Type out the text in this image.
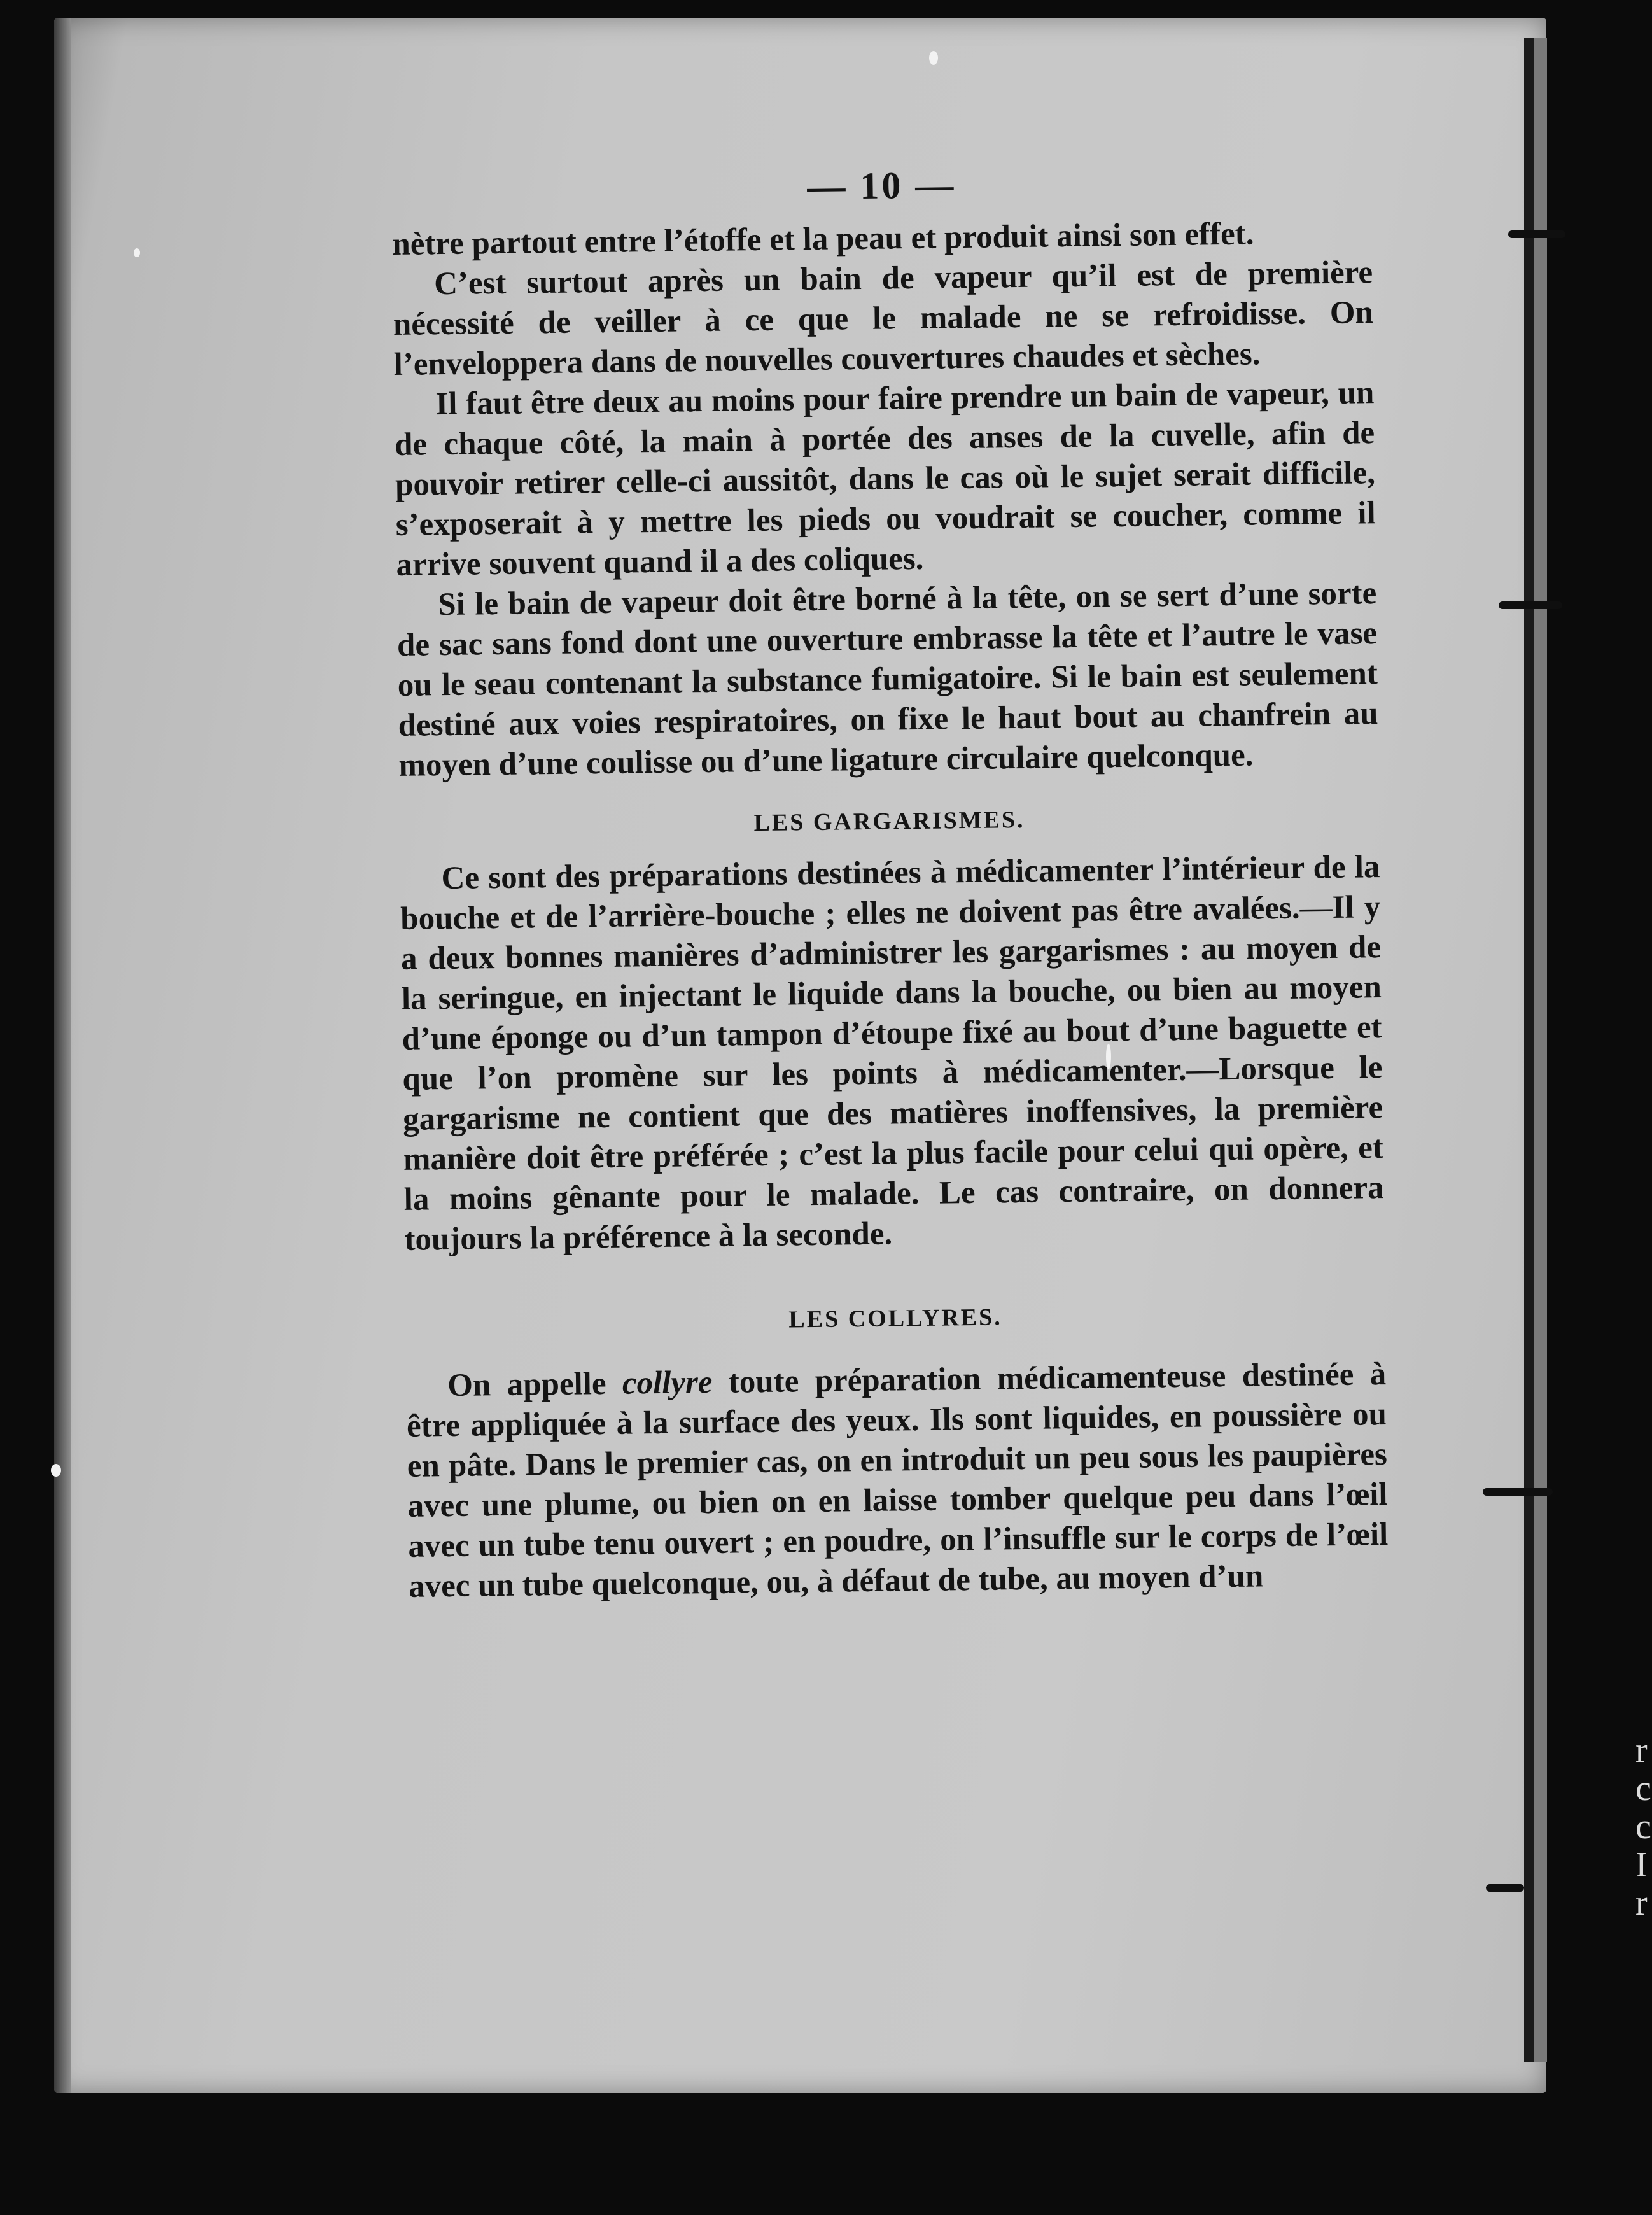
r
c
c
I
r
— 10 —

nètre partout entre l’étoffe et la peau et produit ainsi son effet.

C’est surtout après un bain de vapeur qu’il est de première nécessité de veiller à ce que le malade ne se refroidisse. On l’enveloppera dans de nouvelles couvertures chaudes et sèches.

Il faut être deux au moins pour faire prendre un bain de vapeur, un de chaque côté, la main à portée des anses de la cuvelle, afin de pouvoir retirer celle-ci aussitôt, dans le cas où le sujet serait difficile, s’exposerait à y mettre les pieds ou voudrait se coucher, comme il arrive souvent quand il a des coliques.

Si le bain de vapeur doit être borné à la tête, on se sert d’une sorte de sac sans fond dont une ouverture embrasse la tête et l’autre le vase ou le seau contenant la substance fumigatoire. Si le bain est seulement destiné aux voies respiratoires, on fixe le haut bout au chanfrein au moyen d’une coulisse ou d’une ligature circulaire quelconque.

LES GARGARISMES.

Ce sont des préparations destinées à médicamenter l’intérieur de la bouche et de l’arrière-bouche ; elles ne doivent pas être avalées.—Il y a deux bonnes manières d’administrer les gargarismes : au moyen de la seringue, en injectant le liquide dans la bouche, ou bien au moyen d’une éponge ou d’un tampon d’étoupe fixé au bout d’une baguette et que l’on promène sur les points à médicamenter.—Lorsque le gargarisme ne contient que des matières inoffensives, la première manière doit être préférée ; c’est la plus facile pour celui qui opère, et la moins gênante pour le malade. Le cas contraire, on donnera toujours la préférence à la seconde.

LES COLLYRES.

On appelle collyre toute préparation médicamenteuse destinée à être appliquée à la surface des yeux. Ils sont liquides, en poussière ou en pâte. Dans le premier cas, on en introduit un peu sous les paupières avec une plume, ou bien on en laisse tomber quelque peu dans l’œil avec un tube tenu ouvert ; en poudre, on l’insuffle sur le corps de l’œil avec un tube quelconque, ou, à défaut de tube, au moyen d’un
